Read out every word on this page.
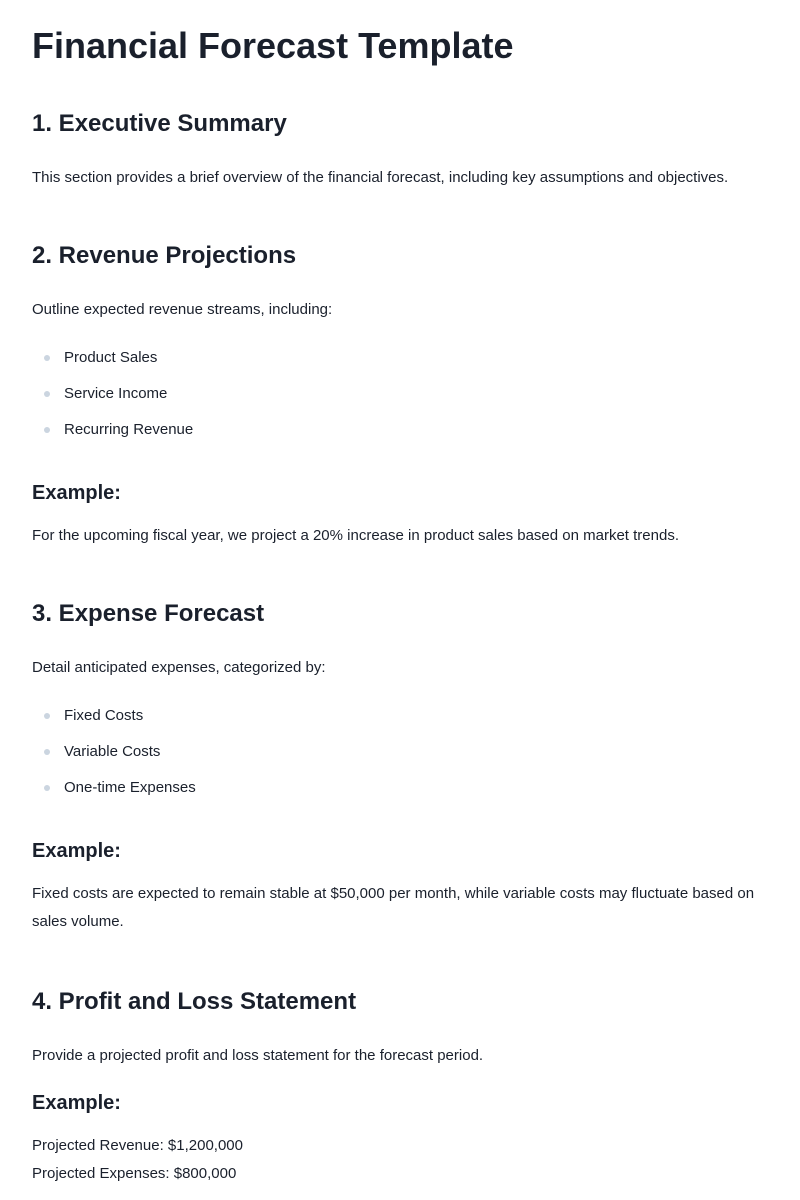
Financial Forecast Template
1. Executive Summary

This section provides a brief overview of the financial forecast, including key assumptions and objectives.

2. Revenue Projections

Outline expected revenue streams, including:

Product Sales
Service Income
Recurring Revenue
Example:

For the upcoming fiscal year, we project a 20% increase in product sales based on market trends.

3. Expense Forecast

Detail anticipated expenses, categorized by:

Fixed Costs
Variable Costs
One-time Expenses
Example:

Fixed costs are expected to remain stable at $50,000 per month, while variable costs may fluctuate based on sales volume.

4. Profit and Loss Statement

Provide a projected profit and loss statement for the forecast period.

Example:

Projected Revenue: $1,200,000

Projected Expenses: $800,000
